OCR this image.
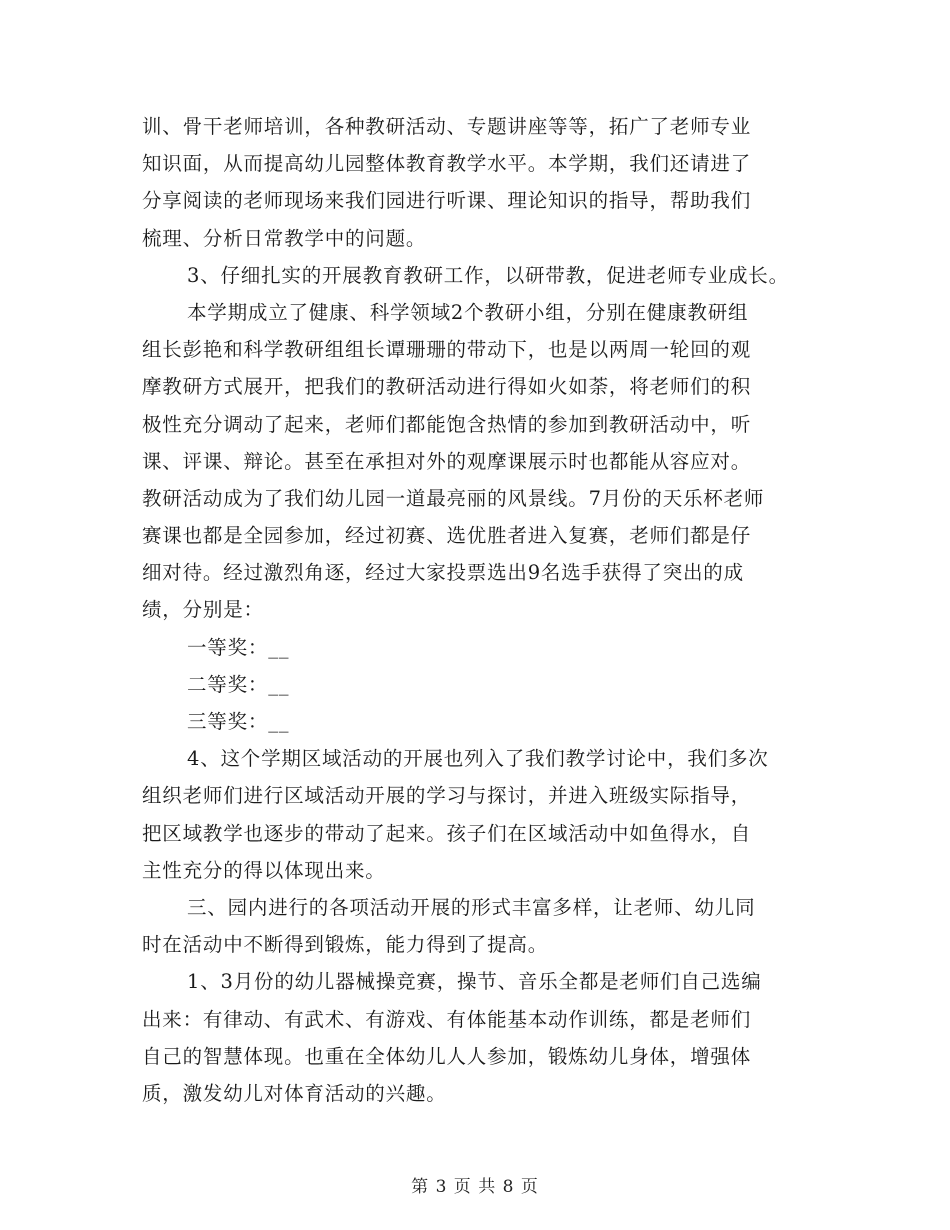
训、骨干老师培训，各种教研活动、专题讲座等等，拓广了老师专业
知识面，从而提高幼儿园整体教育教学水平。本学期，我们还请进了
分享阅读的老师现场来我们园进行听课、理论知识的指导，帮助我们
梳理、分析日常教学中的问题。
3、仔细扎实的开展教育教研工作，以研带教，促进老师专业成长。
本学期成立了健康、科学领域2个教研小组，分别在健康教研组
组长彭艳和科学教研组组长谭珊珊的带动下，也是以两周一轮回的观
摩教研方式展开，把我们的教研活动进行得如火如荼，将老师们的积
极性充分调动了起来，老师们都能饱含热情的参加到教研活动中，听
课、评课、辩论。甚至在承担对外的观摩课展示时也都能从容应对。
教研活动成为了我们幼儿园一道最亮丽的风景线。7月份的天乐杯老师
赛课也都是全园参加，经过初赛、选优胜者进入复赛，老师们都是仔
细对待。经过激烈角逐，经过大家投票选出9名选手获得了突出的成
绩，分别是：
一等奖：__
二等奖：__
三等奖：__
4、这个学期区域活动的开展也列入了我们教学讨论中，我们多次
组织老师们进行区域活动开展的学习与探讨，并进入班级实际指导，
把区域教学也逐步的带动了起来。孩子们在区域活动中如鱼得水，自
主性充分的得以体现出来。
三、园内进行的各项活动开展的形式丰富多样，让老师、幼儿同
时在活动中不断得到锻炼，能力得到了提高。
1、3月份的幼儿器械操竞赛，操节、音乐全都是老师们自己选编
出来：有律动、有武术、有游戏、有体能基本动作训练，都是老师们
自己的智慧体现。也重在全体幼儿人人参加，锻炼幼儿身体，增强体
质，激发幼儿对体育活动的兴趣。
第 3 页 共 8 页
